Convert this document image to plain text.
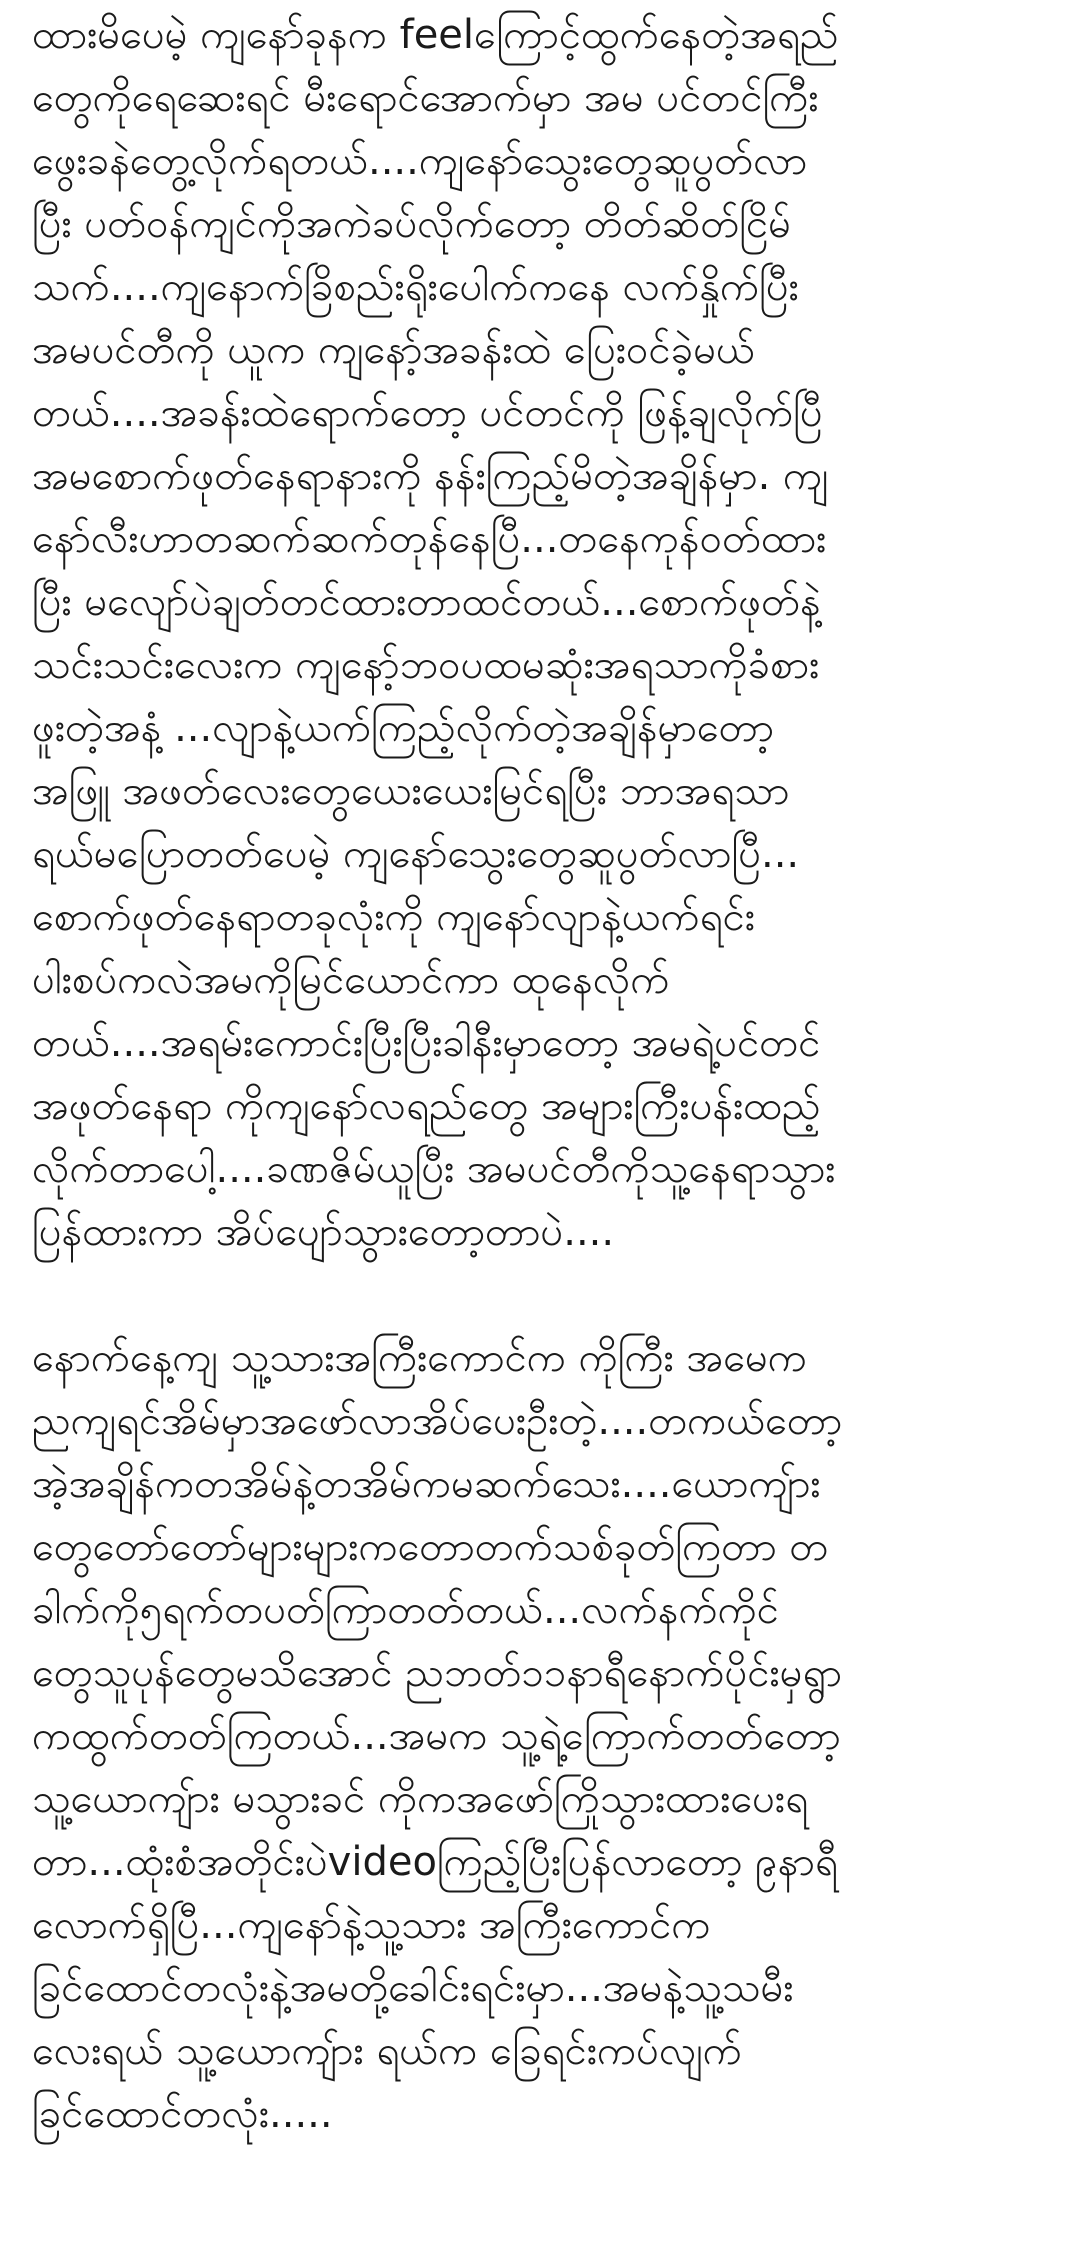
ထားမိပေမဲ့ ကျနော်ခုနက feelကြောင့်ထွက်နေတဲ့အရည်
တွေကိုရေဆေးရင် မီးရောင်အောက်မှာ အမ ပင်တင်ကြီး
ဖွေးခနဲတွေ့လိုက်ရတယ်....ကျနော်သွေးတွေဆူပွတ်လာ
ပြီး ပတ်ဝန်ကျင်ကိုအကဲခပ်လိုက်တော့ တိတ်ဆိတ်ငြိမ်
သက်....ကျနောက်ခြိစည်းရိုးပေါက်ကနေ လက်နှိုက်ပြီး
အမပင်တီကို ယူက ကျနော့်အခန်းထဲ ပြေးဝင်ခဲ့မယ်
တယ်....အခန်းထဲရောက်တော့ ပင်တင်ကို ဖြန့်ချလိုက်ပြီ
အမစောက်ဖုတ်နေရာနားကို နန်းကြည့်မိတဲ့အချိန်မှာ. ကျ
နော်လီးဟာတဆက်ဆက်တုန်နေပြီ...တနေကုန်ဝတ်ထား
ပြီး မလျော်ပဲချတ်တင်ထားတာထင်တယ်...စောက်ဖုတ်နဲ့
သင်းသင်းလေးက ကျနော့်ဘဝပထမဆုံးအရသာကိုခံစား
ဖူးတဲ့အနံ့ ...လျာနဲ့ယက်ကြည့်လိုက်တဲ့အချိန်မှာတော့
အဖြူ အဖတ်လေးတွေယေးယေးမြင်ရပြီး ဘာအရသာ
ရယ်မပြောတတ်ပေမဲ့ ကျနော်သွေးတွေဆူပွတ်လာပြီ...
စောက်ဖုတ်နေရာတခုလုံးကို ကျနော်လျာနဲ့ယက်ရင်း
ပါးစပ်ကလဲအမကိုမြင်ယောင်ကာ ထုနေလိုက်
တယ်....အရမ်းကောင်းပြီးပြီးခါနီးမှာတော့ အမရဲ့ပင်တင်
အဖုတ်နေရာ ကိုကျနော်လရည်တွေ အများကြီးပန်းထည့်
လိုက်တာပေါ့....ခဏဇိမ်ယူပြီး အမပင်တီကိုသူ့နေရာသွား
ပြန်ထားကာ အိပ်ပျော်သွားတော့တာပဲ....
နောက်နေ့ကျ သူ့သားအကြီးကောင်က ကိုကြီး အမေက
ညကျရင်အိမ်မှာအဖော်လာအိပ်ပေးဦးတဲ့....တကယ်တော့
အဲ့အချိန်ကတအိမ်နဲ့တအိမ်ကမဆက်သေး....ယောကျ်ား
တွေတော်တော်များများကတောတက်သစ်ခုတ်ကြတာ တ
ခါက်ကို၅ရက်တပတ်ကြာတတ်တယ်...လက်နက်ကိုင်
တွေသူပုန်တွေမသိအောင် ညဘတ်၁၁နာရီနောက်ပိုင်းမှရွာ
ကထွက်တတ်ကြတယ်...အမက သူ့ရဲ့ကြောက်တတ်တော့
သူ့ယောကျ်ား မသွားခင် ကိုကအဖော်ကြိုသွားထားပေးရ
တာ...ထုံးစံအတိုင်းပဲvideoကြည့်ပြီးပြန်လာတော့ ၉နာရီ
လောက်ရှိပြီ...ကျနော်နဲ့သူ့သား အကြီးကောင်က
ခြင်ထောင်တလုံးနဲ့အမတို့ခေါင်းရင်းမှာ...အမနဲ့သူ့သမီး
လေးရယ် သူ့ယောကျ်ား ရယ်က ခြေရင်းကပ်လျက်
ခြင်ထောင်တလုံး.....
